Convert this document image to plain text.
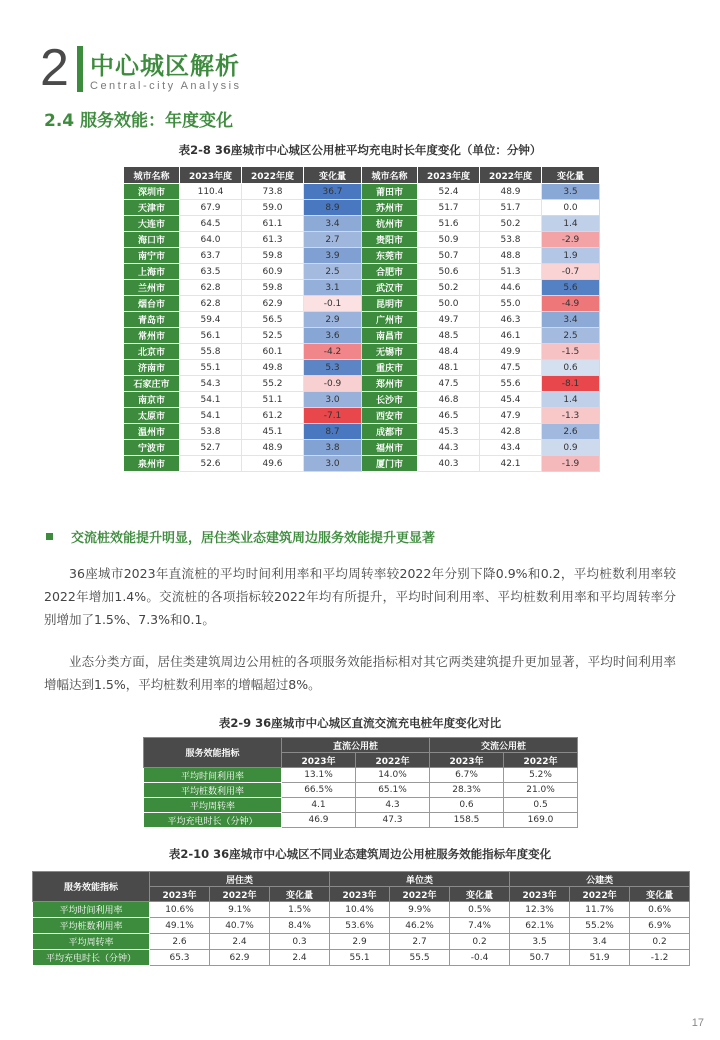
2 中心城区解析
Central-city Analysis
2.4 服务效能：年度变化
表2-8 36座城市中心城区公用桩平均充电时长年度变化（单位：分钟）
城市名称	2023年度	2022年度	变化量	城市名称	2023年度	2022年度	变化量
深圳市	110.4	73.8	36.7	莆田市	52.4	48.9	3.5
天津市	67.9	59.0	8.9	苏州市	51.7	51.7	0.0
大连市	64.5	61.1	3.4	杭州市	51.6	50.2	1.4
海口市	64.0	61.3	2.7	贵阳市	50.9	53.8	-2.9
南宁市	63.7	59.8	3.9	东莞市	50.7	48.8	1.9
上海市	63.5	60.9	2.5	合肥市	50.6	51.3	-0.7
兰州市	62.8	59.8	3.1	武汉市	50.2	44.6	5.6
烟台市	62.8	62.9	-0.1	昆明市	50.0	55.0	-4.9
青岛市	59.4	56.5	2.9	广州市	49.7	46.3	3.4
常州市	56.1	52.5	3.6	南昌市	48.5	46.1	2.5
北京市	55.8	60.1	-4.2	无锡市	48.4	49.9	-1.5
济南市	55.1	49.8	5.3	重庆市	48.1	47.5	0.6
石家庄市	54.3	55.2	-0.9	郑州市	47.5	55.6	-8.1
南京市	54.1	51.1	3.0	长沙市	46.8	45.4	1.4
太原市	54.1	61.2	-7.1	西安市	46.5	47.9	-1.3
温州市	53.8	45.1	8.7	成都市	45.3	42.8	2.6
宁波市	52.7	48.9	3.8	福州市	44.3	43.4	0.9
泉州市	52.6	49.6	3.0	厦门市	40.3	42.1	-1.9
交流桩效能提升明显，居住类业态建筑周边服务效能提升更显著
36座城市2023年直流桩的平均时间利用率和平均周转率较2022年分别下降0.9%和0.2，平均桩数利用率较2022年增加1.4%。交流桩的各项指标较2022年均有所提升，平均时间利用率、平均桩数利用率和平均周转率分别增加了1.5%、7.3%和0.1。
业态分类方面，居住类建筑周边公用桩的各项服务效能指标相对其它两类建筑提升更加显著，平均时间利用率增幅达到1.5%，平均桩数利用率的增幅超过8%。
表2-9 36座城市中心城区直流交流充电桩年度变化对比
服务效能指标	直流公用桩		交流公用桩	
	2023年	2022年	2023年	2022年
平均时间利用率	13.1%	14.0%	6.7%	5.2%
平均桩数利用率	66.5%	65.1%	28.3%	21.0%
平均周转率	4.1	4.3	0.6	0.5
平均充电时长（分钟）	46.9	47.3	158.5	169.0
表2-10 36座城市中心城区不同业态建筑周边公用桩服务效能指标年度变化
服务效能指标	居住类			单位类			公建类		
	2023年	2022年	变化量	2023年	2022年	变化量	2023年	2022年	变化量
平均时间利用率	10.6%	9.1%	1.5%	10.4%	9.9%	0.5%	12.3%	11.7%	0.6%
平均桩数利用率	49.1%	40.7%	8.4%	53.6%	46.2%	7.4%	62.1%	55.2%	6.9%
平均周转率	2.6	2.4	0.3	2.9	2.7	0.2	3.5	3.4	0.2
平均充电时长（分钟）	65.3	62.9	2.4	55.1	55.5	-0.4	50.7	51.9	-1.2
17
